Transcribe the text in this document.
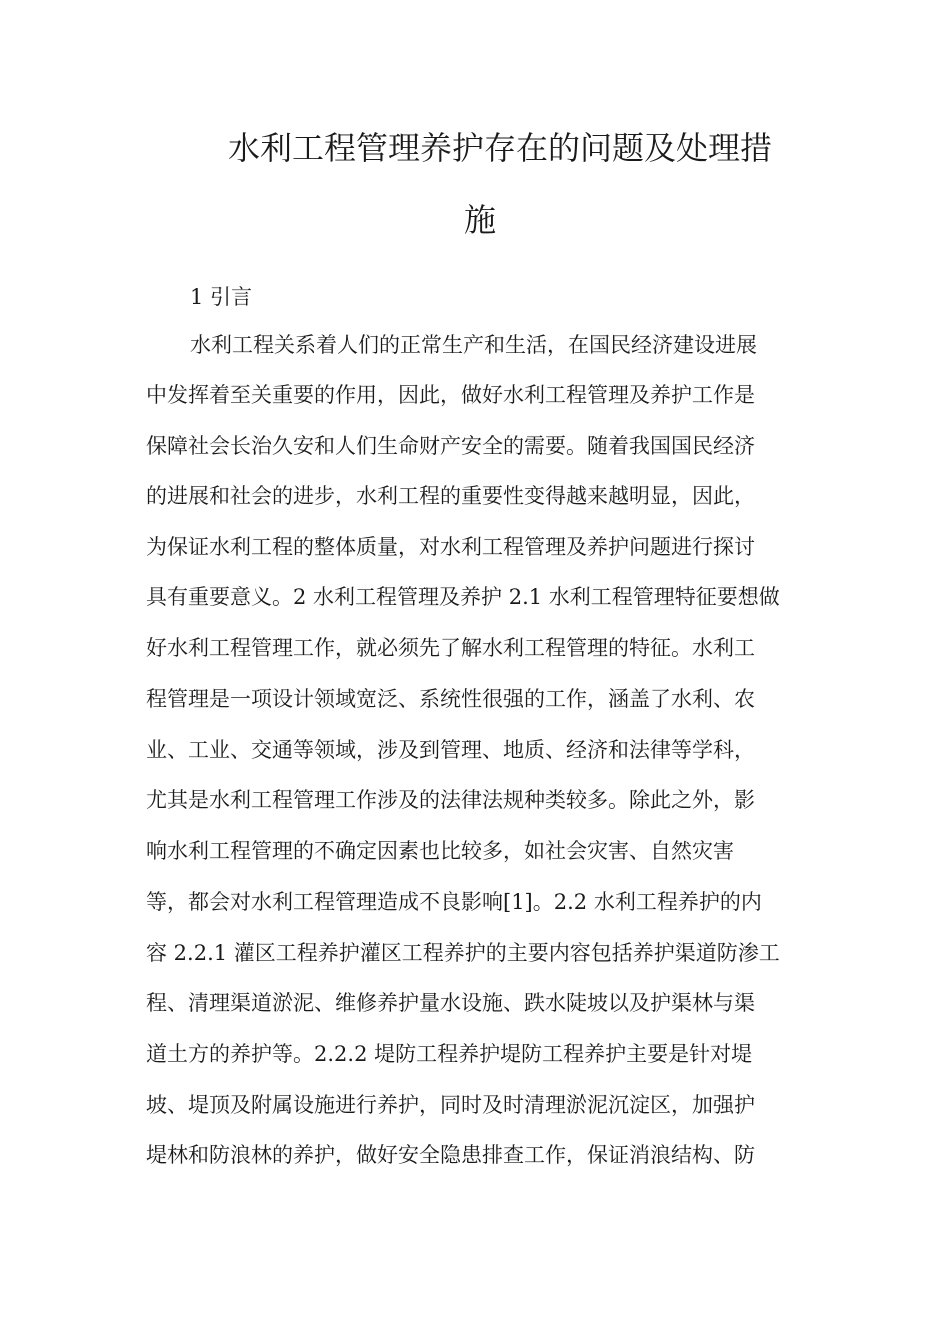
水利工程管理养护存在的问题及处理措
施

1 引言

水利工程关系着人们的正常生产和生活，在国民经济建设进展

中发挥着至关重要的作用，因此，做好水利工程管理及养护工作是

保障社会长治久安和人们生命财产安全的需要。随着我国国民经济

的进展和社会的进步，水利工程的重要性变得越来越明显，因此，

为保证水利工程的整体质量，对水利工程管理及养护问题进行探讨

具有重要意义。2 水利工程管理及养护 2.1 水利工程管理特征要想做

好水利工程管理工作，就必须先了解水利工程管理的特征。水利工

程管理是一项设计领域宽泛、系统性很强的工作，涵盖了水利、农

业、工业、交通等领域，涉及到管理、地质、经济和法律等学科，

尤其是水利工程管理工作涉及的法律法规种类较多。除此之外，影

响水利工程管理的不确定因素也比较多，如社会灾害、自然灾害

等，都会对水利工程管理造成不良影响[1]。2.2 水利工程养护的内

容 2.2.1 灌区工程养护灌区工程养护的主要内容包括养护渠道防渗工

程、清理渠道淤泥、维修养护量水设施、跌水陡坡以及护渠林与渠

道土方的养护等。2.2.2 堤防工程养护堤防工程养护主要是针对堤

坡、堤顶及附属设施进行养护，同时及时清理淤泥沉淀区，加强护

堤林和防浪林的养护，做好安全隐患排查工作，保证消浪结构、防
